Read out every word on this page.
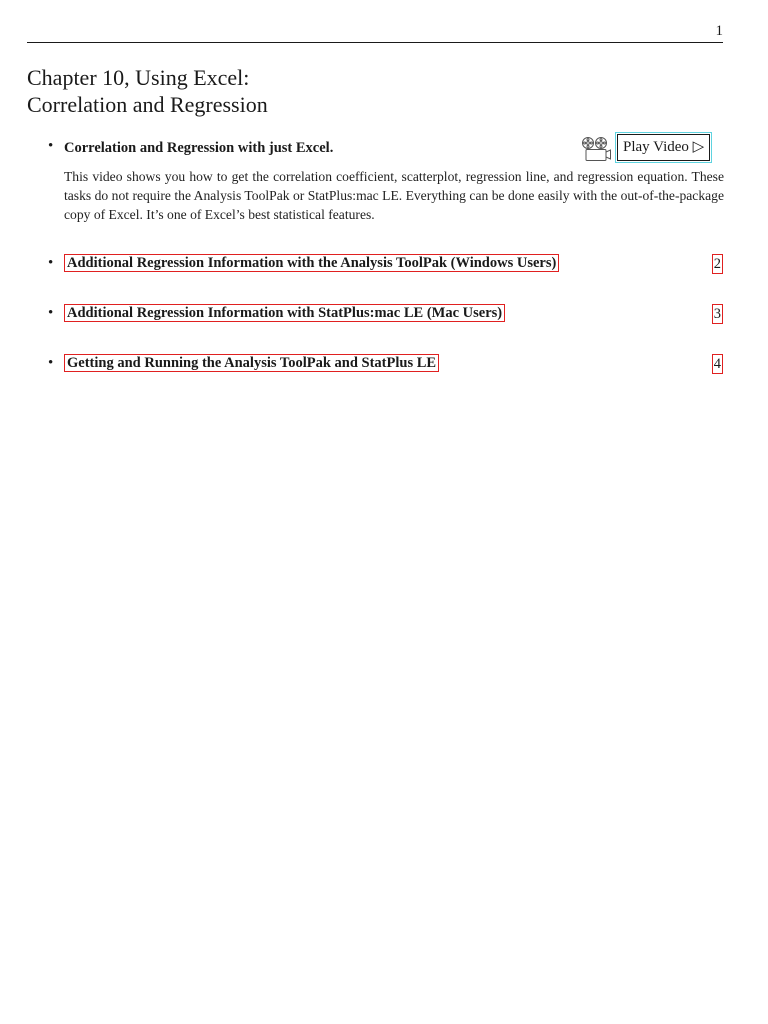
1
Chapter 10, Using Excel:
Correlation and Regression
• Correlation and Regression with just Excel.	Play Video ▷
This video shows you how to get the correlation coefficient, scatterplot, regression line, and regression equation. These tasks do not require the Analysis ToolPak or StatPlus:mac LE. Everything can be done easily with the out-of-the-package copy of Excel. It’s one of Excel’s best statistical features.
• Additional Regression Information with the Analysis ToolPak (Windows Users)	2
• Additional Regression Information with StatPlus:mac LE (Mac Users)	3
• Getting and Running the Analysis ToolPak and StatPlus LE	4
